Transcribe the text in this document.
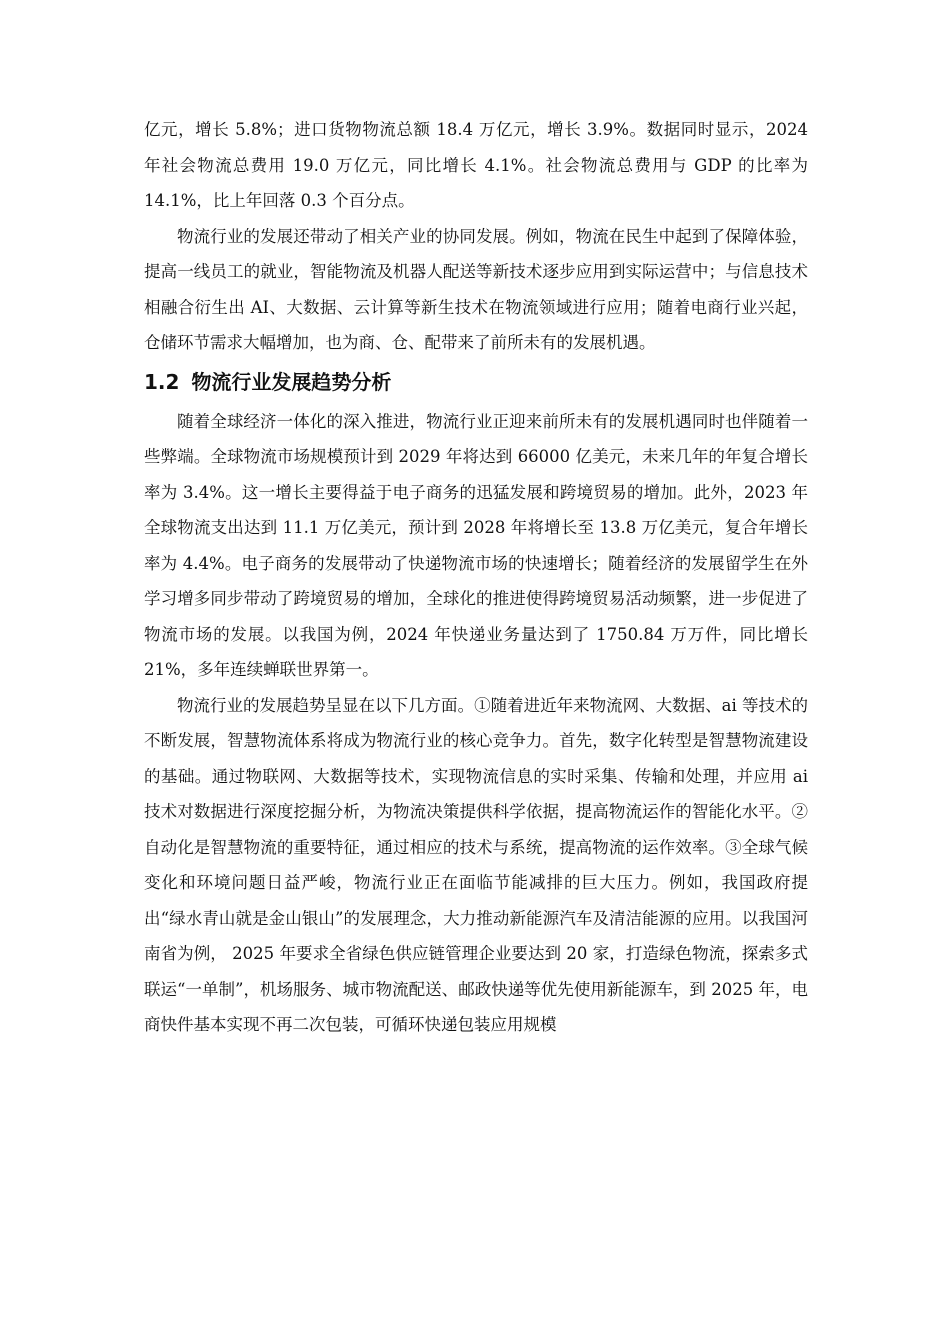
亿元，增长 5.8%；进口货物物流总额 18.4 万亿元，增长 3.9%。数据同时显示，2024 年社会物流总费用 19.0 万亿元，同比增长 4.1%。社会物流总费用与 GDP 的比率为 14.1%，比上年回落 0.3 个百分点。

物流行业的发展还带动了相关产业的协同发展。例如，物流在民生中起到了保障体验，提高一线员工的就业，智能物流及机器人配送等新技术逐步应用到实际运营中；与信息技术相融合衍生出 AI、大数据、云计算等新生技术在物流领域进行应用；随着电商行业兴起，仓储环节需求大幅增加，也为商、仓、配带来了前所未有的发展机遇。

1.2 物流行业发展趋势分析

随着全球经济一体化的深入推进，物流行业正迎来前所未有的发展机遇同时也伴随着一些弊端。全球物流市场规模预计到 2029 年将达到 66000 亿美元，未来几年的年复合增长率为 3.4%。这一增长主要得益于电子商务的迅猛发展和跨境贸易的增加。此外，2023 年全球物流支出达到 11.1 万亿美元，预计到 2028 年将增长至 13.8 万亿美元，复合年增长率为 4.4%。电子商务的发展带动了快递物流市场的快速增长；随着经济的发展留学生在外学习增多同步带动了跨境贸易的增加，全球化的推进使得跨境贸易活动频繁，进一步促进了物流市场的发展。以我国为例，2024 年快递业务量达到了 1750.84 万万件，同比增长 21%，多年连续蝉联世界第一。

物流行业的发展趋势呈显在以下几方面。①随着进近年来物流网、大数据、ai 等技术的不断发展，智慧物流体系将成为物流行业的核心竞争力。首先，数字化转型是智慧物流建设的基础。通过物联网、大数据等技术，实现物流信息的实时采集、传输和处理，并应用 ai 技术对数据进行深度挖掘分析，为物流决策提供科学依据，提高物流运作的智能化水平。②自动化是智慧物流的重要特征，通过相应的技术与系统，提高物流的运作效率。③全球气候变化和环境问题日益严峻，物流行业正在面临节能减排的巨大压力。例如，我国政府提出“绿水青山就是金山银山”的发展理念，大力推动新能源汽车及清洁能源的应用。以我国河南省为例， 2025 年要求全省绿色供应链管理企业要达到 20 家，打造绿色物流，探索多式联运“一单制”，机场服务、城市物流配送、邮政快递等优先使用新能源车，到 2025 年，电商快件基本实现不再二次包装，可循环快递包装应用规模
